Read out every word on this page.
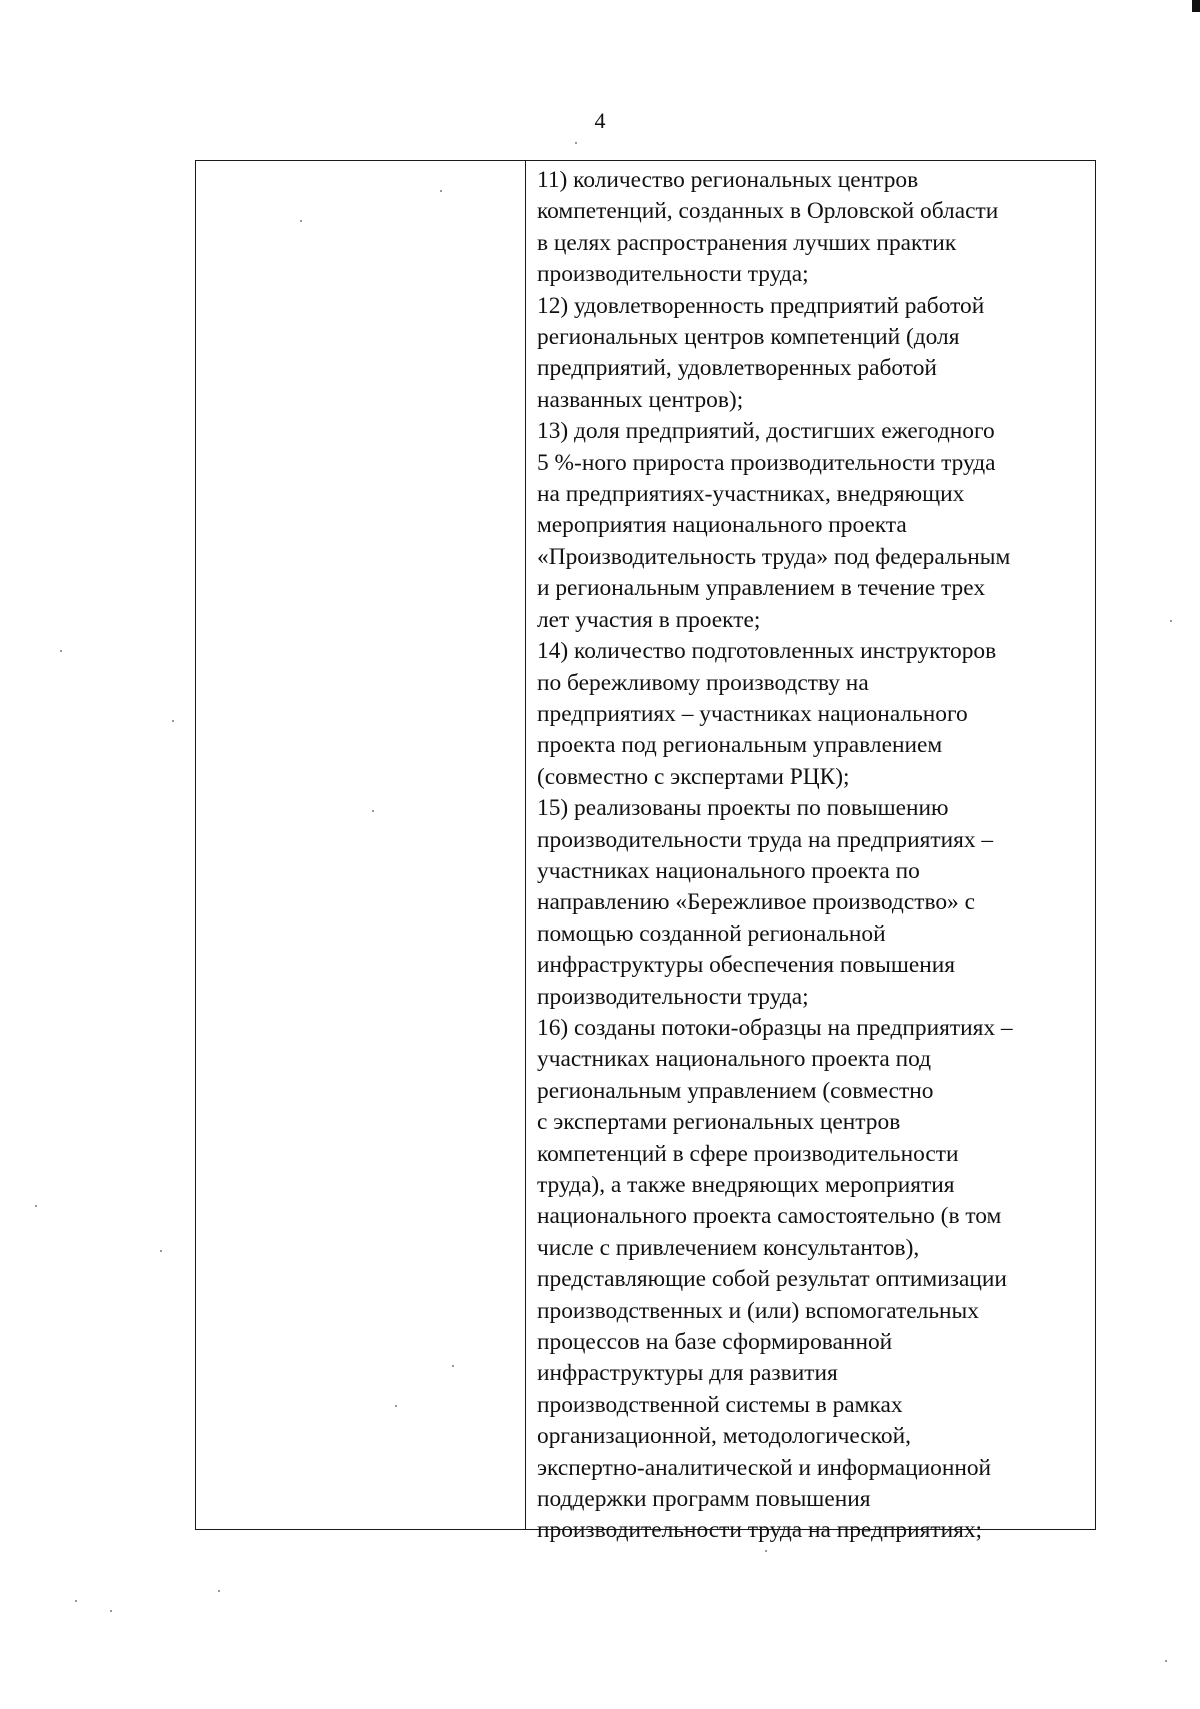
4
11) количество региональных центров
компетенций, созданных в Орловской области
в целях распространения лучших практик
производительности труда;
12) удовлетворенность предприятий работой
региональных центров компетенций (доля
предприятий, удовлетворенных работой
названных центров);
13) доля предприятий, достигших ежегодного
5 %-ного прироста производительности труда
на предприятиях-участниках, внедряющих
мероприятия национального проекта
«Производительность труда» под федеральным
и региональным управлением в течение трех
лет участия в проекте;
14) количество подготовленных инструкторов
по бережливому производству на
предприятиях – участниках национального
проекта под региональным управлением
(совместно с экспертами РЦК);
15) реализованы проекты по повышению
производительности труда на предприятиях –
участниках национального проекта по
направлению «Бережливое производство» с
помощью созданной региональной
инфраструктуры обеспечения повышения
производительности труда;
16) созданы потоки-образцы на предприятиях –
участниках национального проекта под
региональным управлением (совместно
с экспертами региональных центров
компетенций в сфере производительности
труда), а также внедряющих мероприятия
национального проекта самостоятельно (в том
числе с привлечением консультантов),
представляющие собой результат оптимизации
производственных и (или) вспомогательных
процессов на базе сформированной
инфраструктуры для развития
производственной системы в рамках
организационной, методологической,
экспертно-аналитической и информационной
поддержки программ повышения
производительности труда на предприятиях;
